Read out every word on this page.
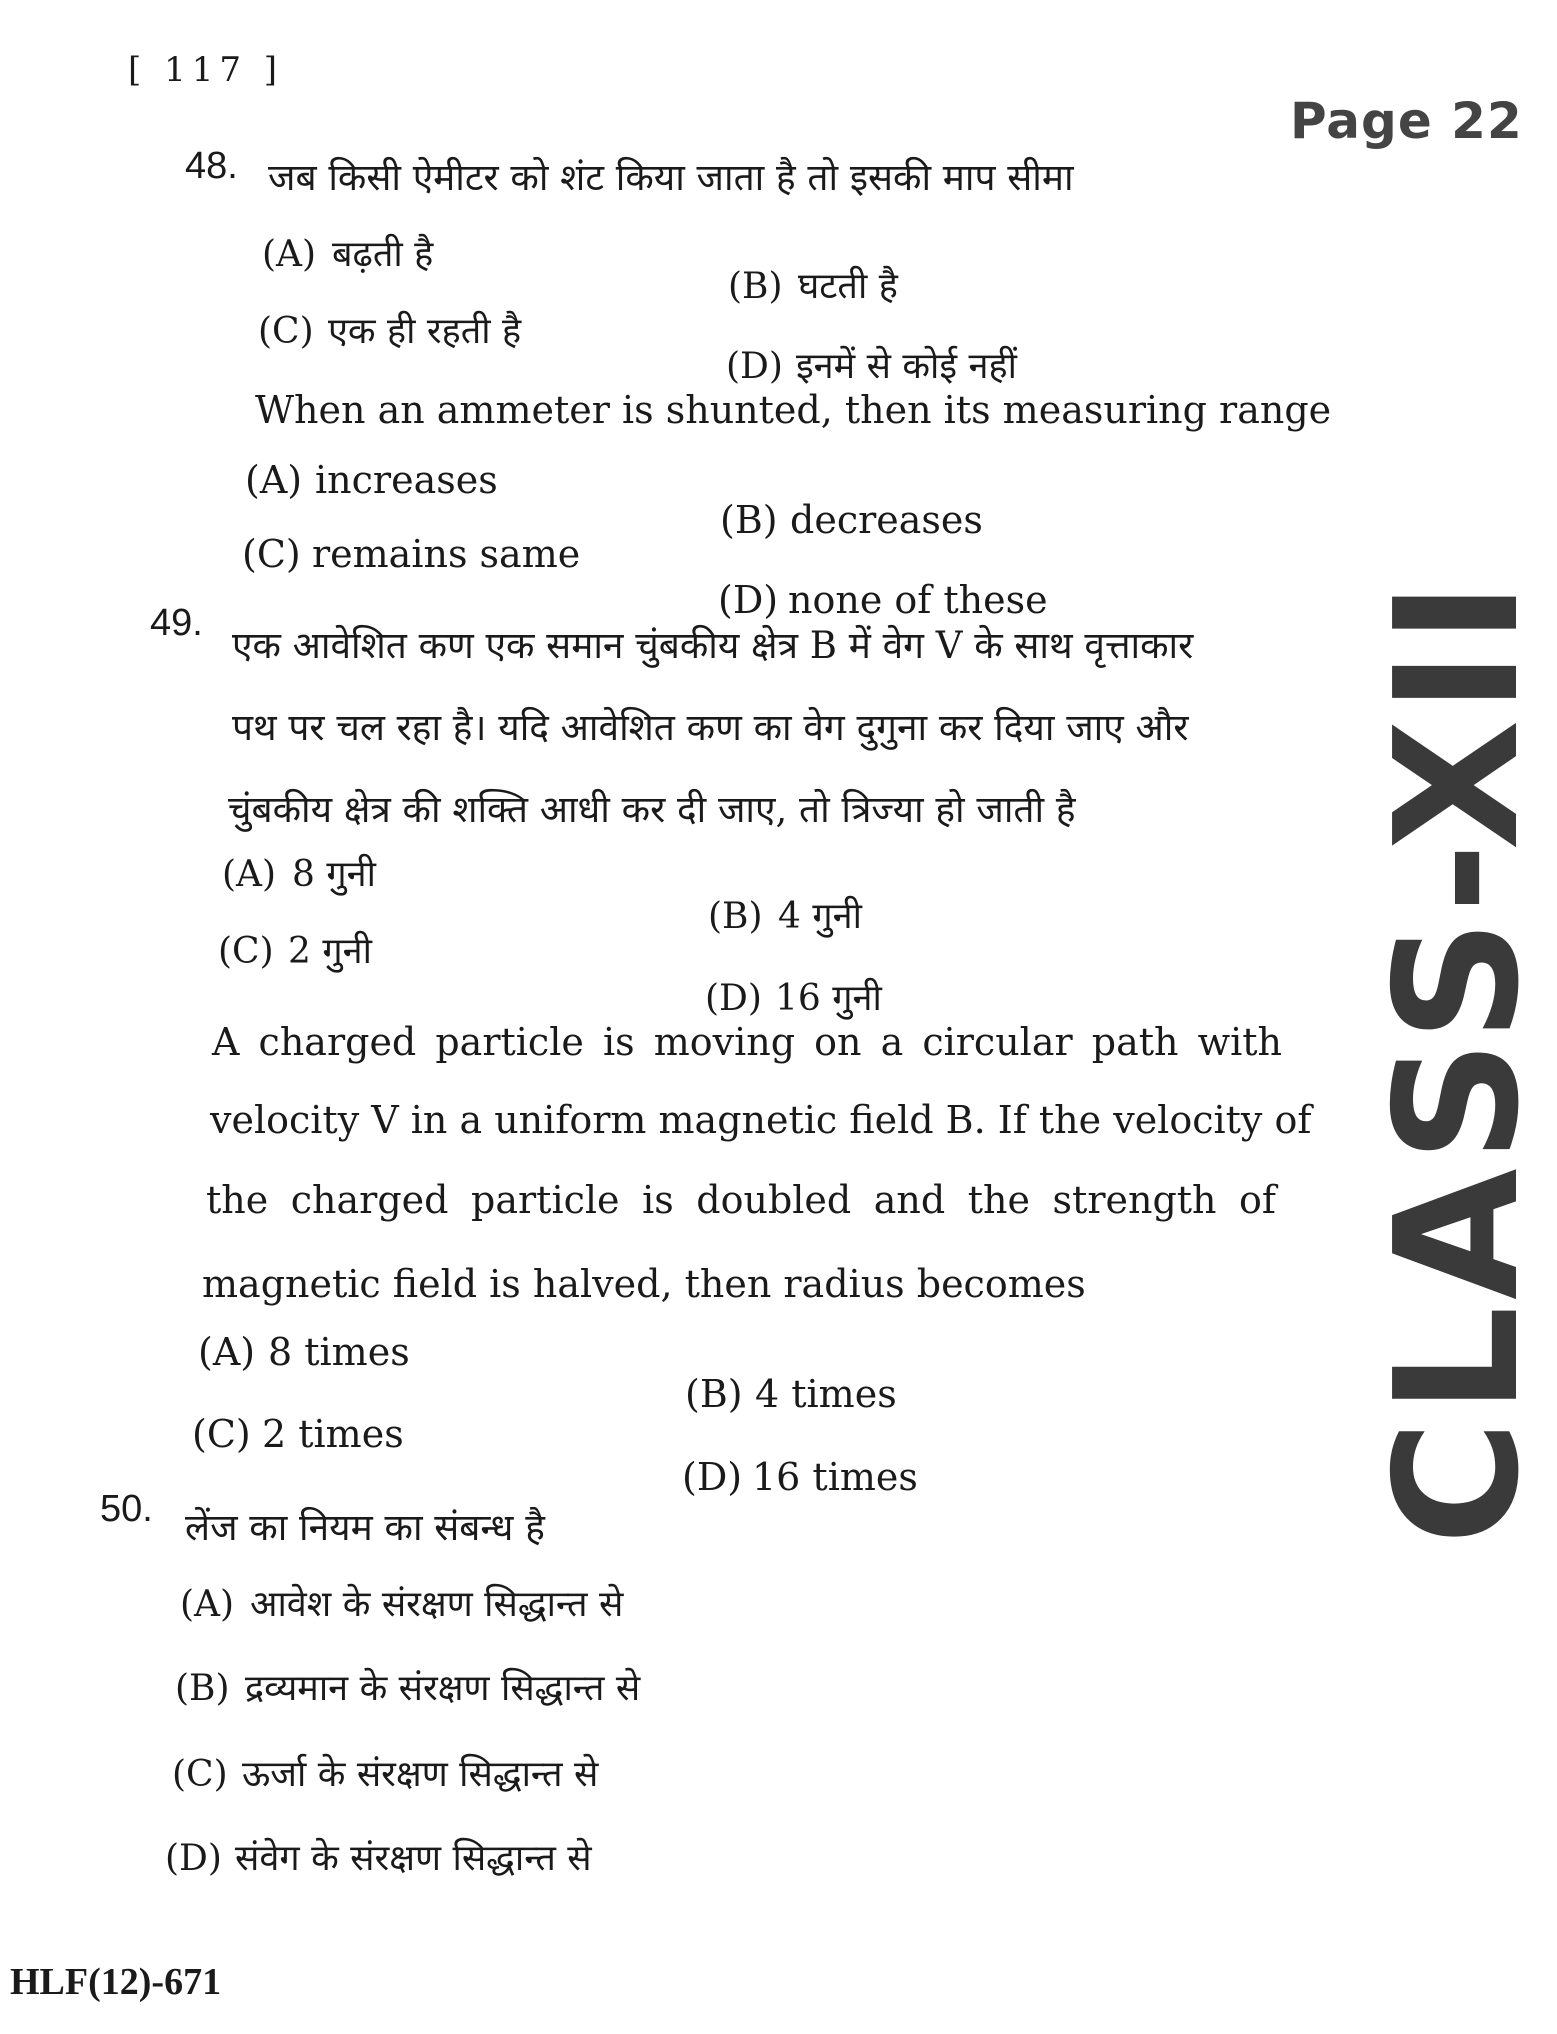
[ 117 ]
Page 22
CLASS-XII
48. जब किसी ऐमीटर को शंट किया जाता है तो इसकी माप सीमा
(A) बढ़ती है
(B) घटती है
(C) एक ही रहती है
(D) इनमें से कोई नहीं
When an ammeter is shunted, then its measuring range
(A) increases
(B) decreases
(C) remains same
(D) none of these
49.
एक आवेशित कण एक समान चुंबकीय क्षेत्र B में वेग V के साथ वृत्ताकार
पथ पर चल रहा है। यदि आवेशित कण का वेग दुगुना कर दिया जाए और
चुंबकीय क्षेत्र की शक्ति आधी कर दी जाए, तो त्रिज्या हो जाती है
(A) 8 गुनी
(B) 4 गुनी
(C) 2 गुनी
(D) 16 गुनी
A charged particle is moving on a circular path with
velocity V in a uniform magnetic field B. If the velocity of
the charged particle is doubled and the strength of
magnetic field is halved, then radius becomes
(A) 8 times
(B) 4 times
(C) 2 times
(D) 16 times
50. लेंज का नियम का संबन्ध है
(A) आवेश के संरक्षण सिद्धान्त से
(B) द्रव्यमान के संरक्षण सिद्धान्त से
(C) ऊर्जा के संरक्षण सिद्धान्त से
(D) संवेग के संरक्षण सिद्धान्त से
HLF(12)-671
